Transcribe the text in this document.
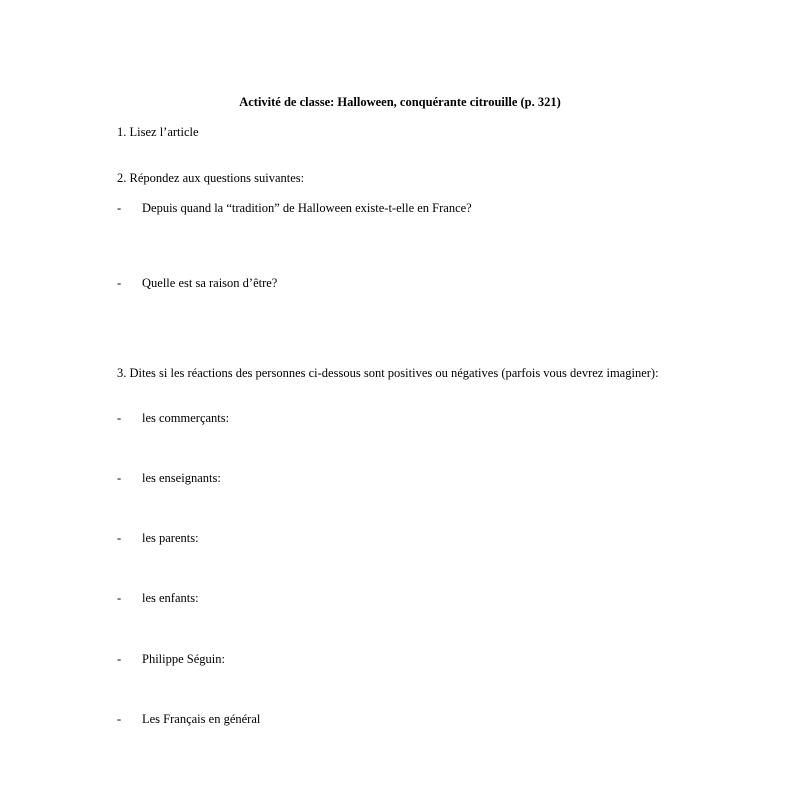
Activité de classe: Halloween, conquérante citrouille (p. 321)
1. Lisez l’article
2. Répondez aux questions suivantes:
- Depuis quand la “tradition” de Halloween existe-t-elle en France?
- Quelle est sa raison d’être?
3. Dites si les réactions des personnes ci-dessous sont positives ou négatives (parfois vous devrez imaginer):
- les commerçants:
- les enseignants:
- les parents:
- les enfants:
- Philippe Séguin:
- Les Français en général
